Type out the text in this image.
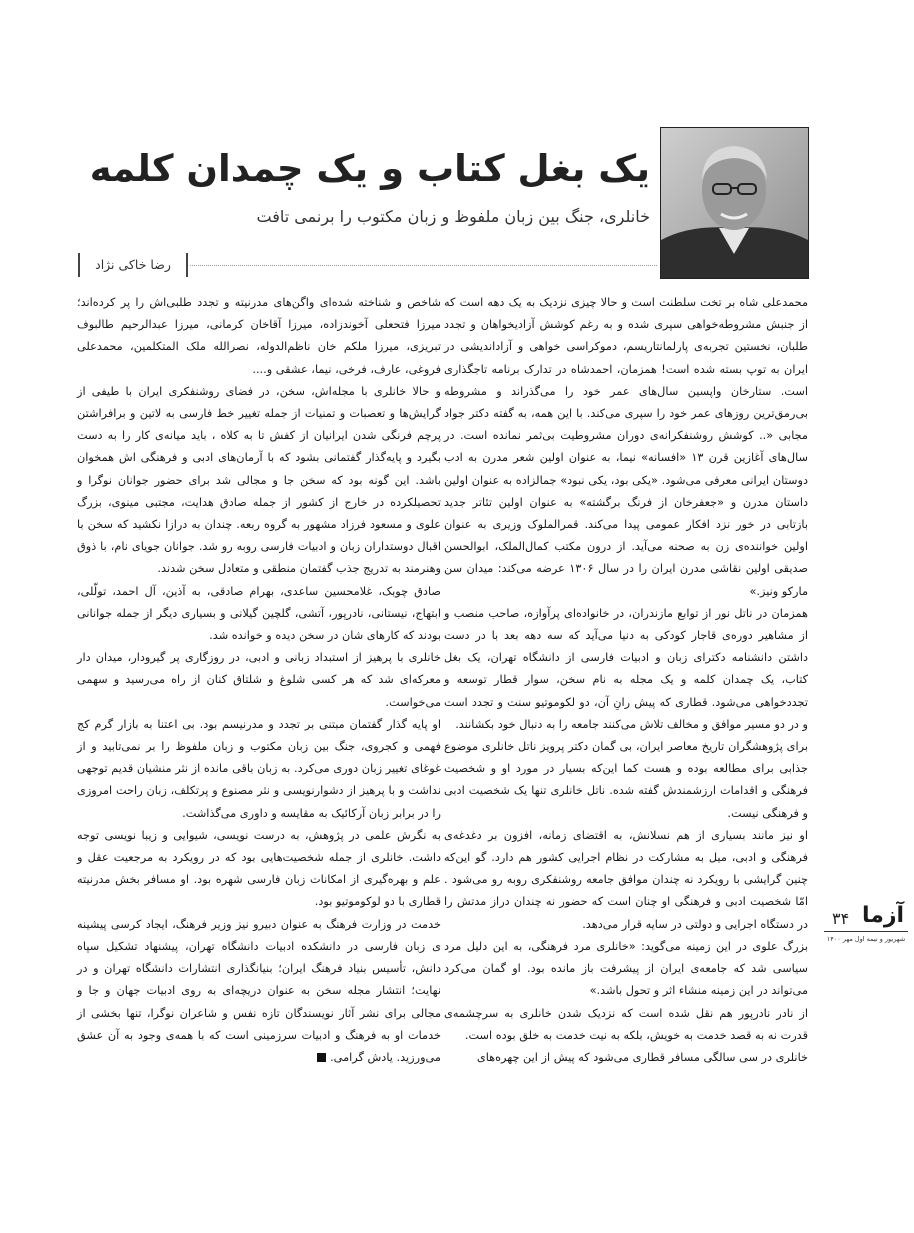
یک بغل کتاب و یک چمدان کلمه
خانلری، جنگ بین زبان ملفوظ و زبان مکتوب را برنمی تافت
رضا خاکی نژاد

محمدعلی شاه بر تخت سلطنت است و حالا چیزی نزدیک به یک دهه است که از جنبش مشروطه‌خواهی سپری شده و به رغم کوشش آزادیخواهان و تجدد طلبان، نخستین تجربه‌ی پارلمانتاریسم، دموکراسی خواهی و آزاداندیشی در ایران به توپ بسته شده است! همزمان، احمدشاه در تدارک برنامه تاجگذاری است. ستارخان واپسین سال‌های عمر خود را می‌گذراند و مشروطه بی‌رمق‌ترین روزهای عمر خود را سپری می‌کند. با این همه، به گفته دکتر جواد مجابی «.. کوشش روشنفکرانه‌ی دوران مشروطیت بی‌ثمر نمانده است. در سال‌های آغازین قرن ۱۳ «افسانه» نیما، به عنوان اولین شعر مدرن به ادب دوستان ایرانی معرفی می‌شود. «یکی بود، یکی نبود» جمالزاده به عنوان اولین داستان مدرن و «جعفرخان از فرنگ برگشته» به عنوان اولین تئاتر جدید بازتابی در خور نزد افکار عمومی پیدا می‌کند. قمرالملوک وزیری به عنوان اولین خواننده‌ی زن به صحنه می‌آید. از درون مکتب کمال‌الملک، ابوالحسن صدیقی اولین نقاشی مدرن ایران را در سال ۱۳۰۶ عرضه می‌کند: میدان سن مارکو ونیز.»

همزمان در ناتل نور از توابع مازندران، در خانواده‌ای پرآوازه، صاحب منصب و از مشاهیر دوره‌ی قاجار کودکی به دنیا می‌آید که سه دهه بعد با در دست داشتن دانشنامه دکترای زبان و ادبیات فارسی از دانشگاه تهران، یک بغل کتاب، یک چمدان کلمه و یک مجله به نام سخن، سوار قطار توسعه و تجددخواهی می‌شود. قطاری که پیش رانِ آن، دو لکوموتیو سنت و تجدد است و در دو مسیر موافق و مخالف تلاش می‌کنند جامعه را به دنبال خود بکشانند.

برای پژوهشگران تاریخ معاصر ایران، بی گمان دکتر پرویز ناتل خانلری موضوع جذابی برای مطالعه بوده و هست کما این‌که بسیار در مورد او و شخصیت فرهنگی و اقدامات ارزشمندش گفته شده. ناتل خانلری تنها یک شخصیت ادبی و فرهنگی نیست.

او نیز مانند بسیاری از هم نسلانش، به اقتضای زمانه، افزون بر دغدغه‌ی فرهنگی و ادبی، میل به مشارکت در نظام اجرایی کشور هم دارد. گو این‌که چنین گرایشی با رویکرد نه چندان موافق جامعه روشنفکری روبه رو می‌شود . امّا شخصیت ادبی و فرهنگی او چنان است که حضور نه چندان دراز مدتش را در دستگاه اجرایی و دولتی در سایه قرار می‌دهد.

بزرگ علوی در این زمینه می‌گوید: «خانلری مرد فرهنگی، به این دلیل مرد سیاسی شد که جامعه‌ی ایران از پیشرفت باز مانده بود. او گمان می‌کرد می‌تواند در این زمینه منشاء اثر و تحول باشد.»

از نادر نادرپور هم نقل شده است که نزدیک شدن خانلری به سرچشمه‌ی قدرت نه به قصد خدمت به خویش، بلکه به نیت خدمت به خلق بوده است.

خانلری در سی سالگی مسافر قطاری می‌شود که پیش از این چهره‌های

شاخص و شناخته شده‌ای واگن‌های مدرنیته و تجدد طلبی‌اش را پر کرده‌اند؛ میرزا فتحعلی آخوندزاده، میرزا آقاخان کرمانی، میرزا عبدالرحیم طالبوف تبریزی، میرزا ملکم خان ناظم‌الدوله، نصرالله ملک المتکلمین، محمدعلی فروغی، عارف، فرخی، نیما، عشقی و....

و حالا خانلری با مجله‌اش، سخن، در فضای روشنفکری ایران با طیفی از گرایش‌ها و تعصبات و تمنیات از جمله تغییر خط فارسی به لاتین و برافراشتن پرچم فرنگی شدن ایرانیان از کفش تا به کلاه ، باید میانه‌ی کار را به دست بگیرد و پایه‌گذار گفتمانی بشود که با آرمان‌های ادبی و فرهنگی اش همخوان باشد. این گونه بود که سخن جا و مجالی شد برای حضور جوانان نوگرا و تحصیلکرده در خارج از کشور از جمله صادق هدایت، مجتبی مینوی، بزرگ علوی و مسعود فرزاد مشهور به گروه ربعه. چندان به درازا نکشید که سخن با اقبال دوستداران زبان و ادبیات فارسی روبه رو شد. جوانان جویای نام، با ذوق وهنرمند به تدریج جذب گفتمان منطقی و متعادل سخن شدند.

صادق چوبک، غلامحسین ساعدی، بهرام صادقی، به آذین، آل احمد، تولّلی، ابتهاج، نیستانی، نادرپور، آتشی، گلچین گیلانی و بسیاری دیگر از جمله جوانانی بودند که کارهای شان در سخن دیده و خوانده شد.

خانلری با پرهیز از استبداد زبانی و ادبی، در روزگاری پر گیرودار، میدان دار معرکه‌ای شد که هر کسی شلوغ و شلتاق کنان از راه می‌رسید و سهمی می‌خواست.

او پایه گذار گفتمان مبتنی بر تجدد و مدرنیسم بود. بی اعتنا به بازار گرم کج فهمی و کجروی، جنگ بین زبان مکتوب و زبان ملفوظ را بر نمی‌تابید و از غوغای تغییر زبان دوری می‌کرد. به زبان باقی مانده از نثر منشیان قدیم توجهی نداشت و با پرهیز از دشوارنویسی و نثر مصنوع و پرتکلف، زبان راحت امروزی را در برابر زبان آرکائیک به مقایسه و داوری می‌گذاشت.

به نگرش علمی در پژوهش، به درست نویسی، شیوایی و زیبا نویسی توجه داشت. خانلری از جمله شخصیت‌هایی بود که در رویکرد به مرجعیت عقل و علم و بهره‌گیری از امکانات زبان فارسی شهره بود. او مسافر بخش مدرنیته قطاری با دو لوکوموتیو بود.

خدمت در وزارت فرهنگ به عنوان دبیرو نیز وزیر فرهنگ، ایجاد کرسی پیشینه ی زبان فارسی در دانشکده ادبیات دانشگاه تهران، پیشنهاد تشکیل سپاه دانش، تأسیس بنیاد فرهنگ ایران؛ بنیانگذاری انتشارات دانشگاه تهران و در نهایت؛ انتشار مجله سخن به عنوان دریچه‌ای به روی ادبیات جهان و جا و مجالی برای نشر آثار نویسندگان تازه نفس و شاعران نوگرا، تنها بخشی از خدمات او به فرهنگ و ادبیات سرزمینی است که با همه‌ی وجود به آن عشق می‌ورزید. یادش گرامی.

آزما
۳۴
شهریور و نیمه اول مهر ۱۴۰۰
